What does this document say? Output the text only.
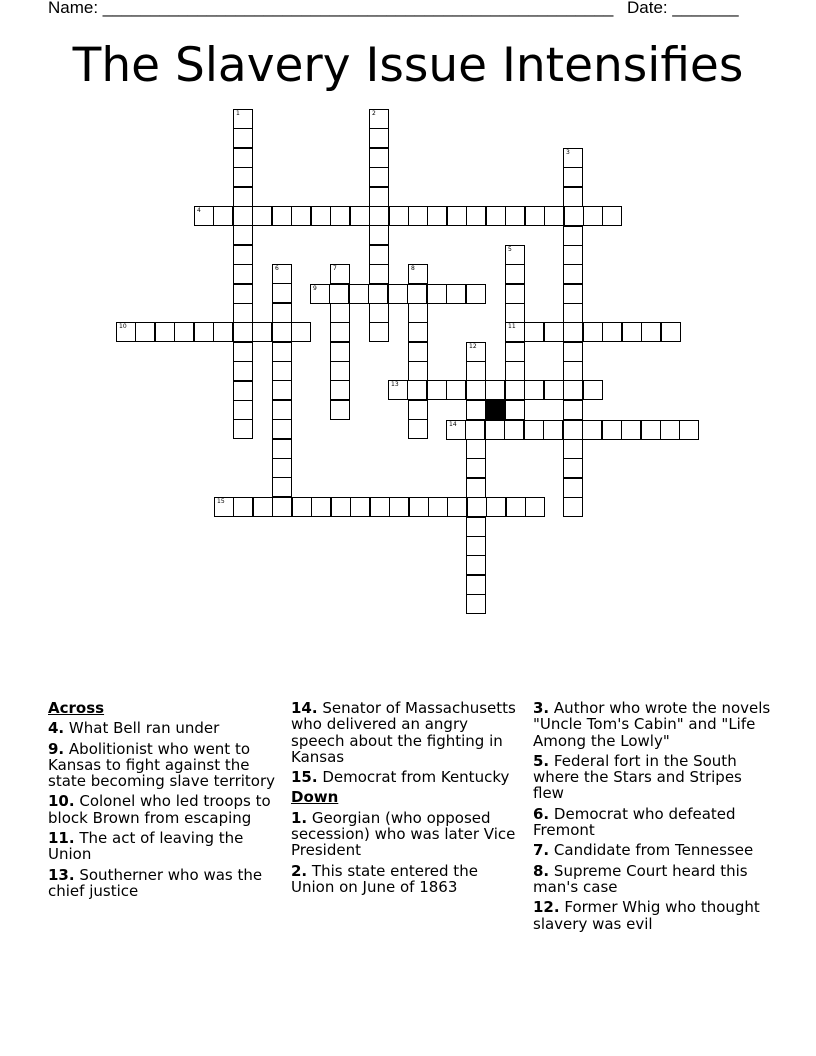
Name: ______________________________________________________ Date: _______
The Slavery Issue Intensifies
1	2
3
4
5
6	7	8
9
10	11
12
13
14
15
Across
4. What Bell ran under
9. Abolitionist who went to Kansas to fight against the state becoming slave territory
10. Colonel who led troops to block Brown from escaping
11. The act of leaving the Union
13. Southerner who was the chief justice
14. Senator of Massachusetts who delivered an angry speech about the fighting in Kansas
15. Democrat from Kentucky
Down
1. Georgian (who opposed secession) who was later Vice President
2. This state entered the Union on June of 1863
3. Author who wrote the novels "Uncle Tom's Cabin" and "Life Among the Lowly"
5. Federal fort in the South where the Stars and Stripes flew
6. Democrat who defeated Fremont
7. Candidate from Tennessee
8. Supreme Court heard this man's case
12. Former Whig who thought slavery was evil
